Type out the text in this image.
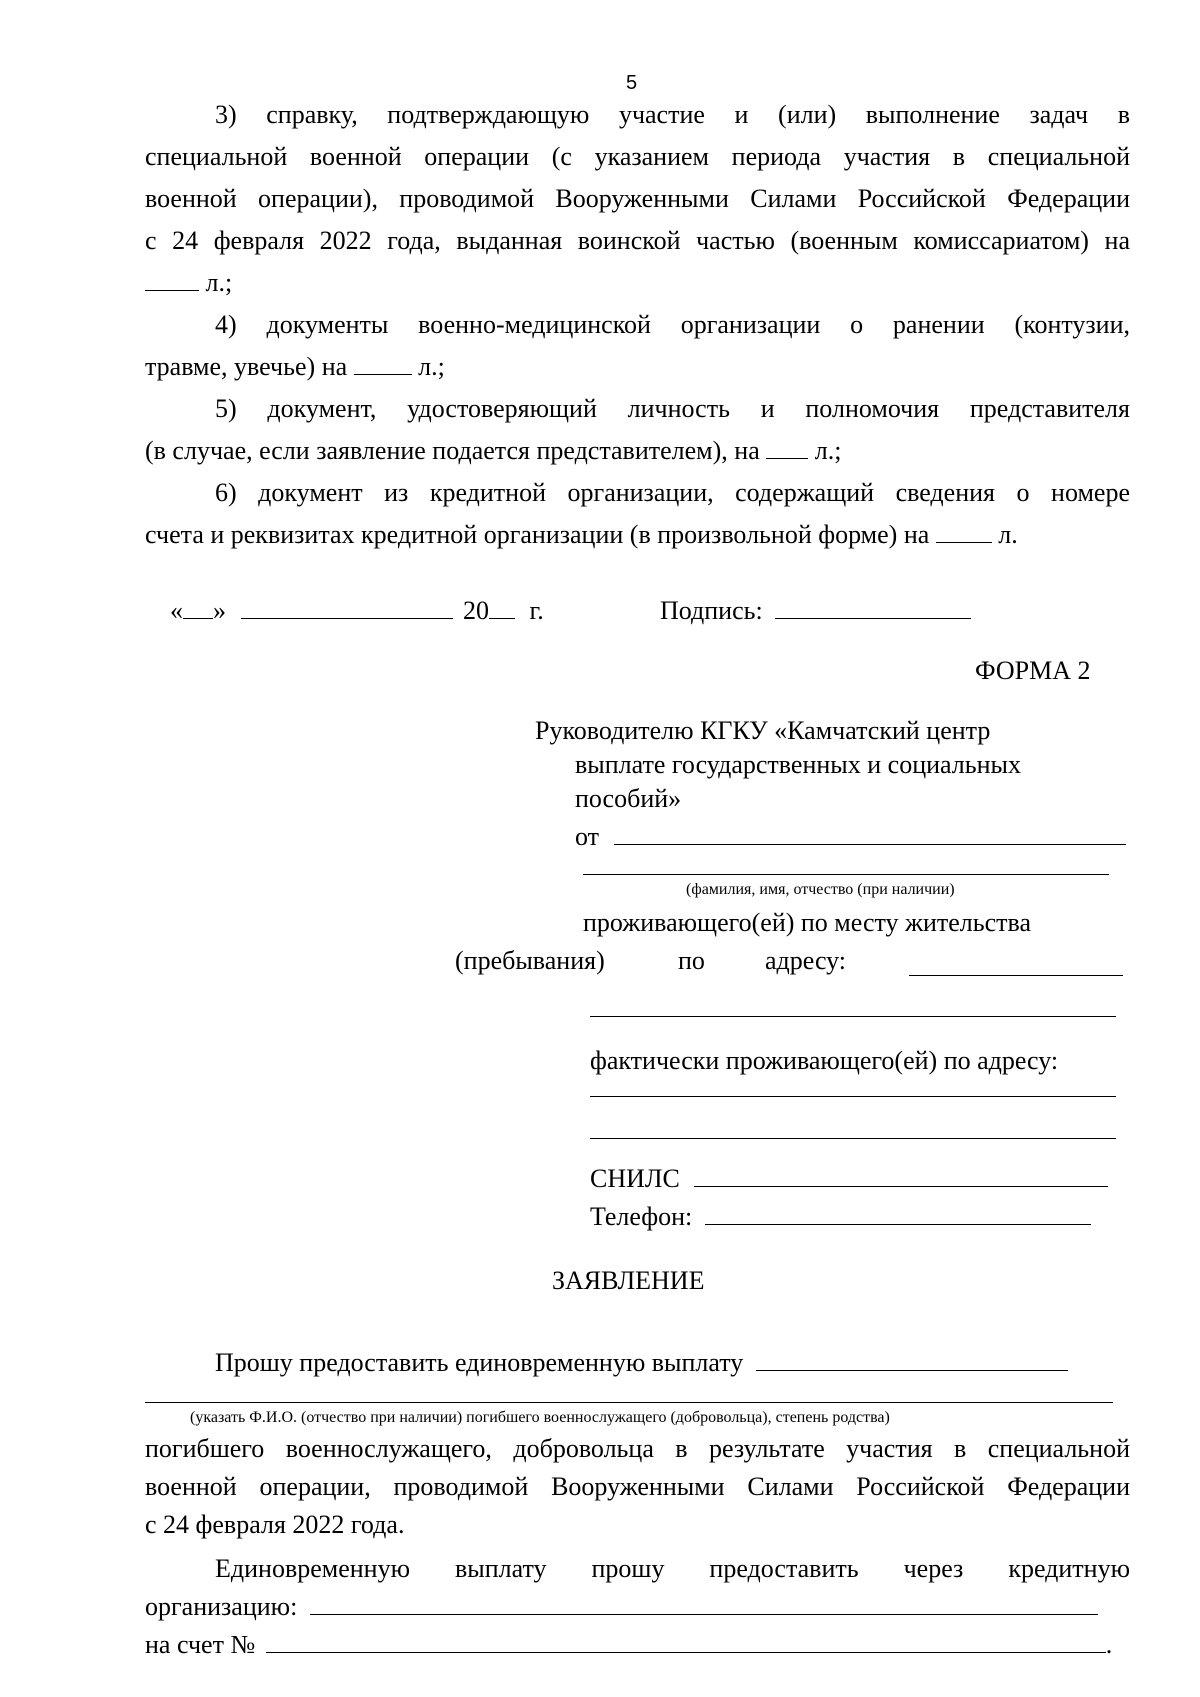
5
3) справку, подтверждающую участие и (или) выполнение задач в
специальной военной операции (с указанием периода участия в специальной
военной операции), проводимой Вооруженными Силами Российской Федерации
с 24 февраля 2022 года, выданная воинской частью (военным комиссариатом) на
л.;
4) документы военно-медицинской организации о ранении (контузии,
травме, увечье) на	л.;
5) документ, удостоверяющий личность и полномочия представителя
(в случае, если заявление подается представителем), на л.;
6) документ из кредитной организации, содержащий сведения о номере
счета и реквизитах кредитной организации (в произвольной форме) на	л.
« »	20 г.	Подпись:
ФОРМА 2
Руководителю КГКУ «Камчатский центр
выплате государственных и социальных
пособий»
от
(фамилия, имя, отчество (при наличии)
проживающего(ей) по месту жительства
(пребывания)	по адресу:
фактически проживающего(ей) по адресу:
СНИЛС
Телефон:
ЗАЯВЛЕНИЕ
Прошу предоставить единовременную выплату
(указать Ф.И.О. (отчество при наличии) погибшего военнослужащего (добровольца), степень родства)
погибшего военнослужащего, добровольца в результате участия в специальной
военной операции, проводимой Вооруженными Силами Российской Федерации
с 24 февраля 2022 года.
Единовременную выплату прошу предоставить через кредитную
организацию:
на счет №	.
